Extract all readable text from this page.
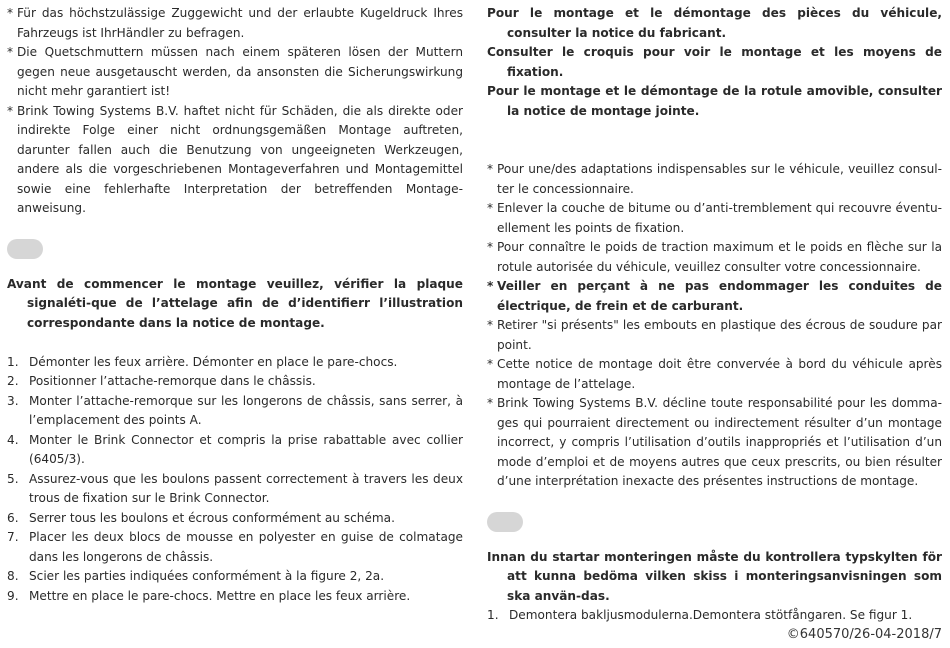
* Für das höchstzulässige Zuggewicht und der erlaubte Kugeldruck Ihres Fahrzeugs ist IhrHändler zu befragen.
* Die Quetschmuttern müssen nach einem späteren lösen der Muttern gegen neue ausgetauscht werden, da ansonsten die Sicherungswirkung nicht mehr garantiert ist!
* Brink Towing Systems B.V. haftet nicht für Schäden, die als direkte oder indirekte Folge einer nicht ordnungsgemäßen Montage auftreten, darunter fallen auch die Benutzung von ungeeigneten Werkzeugen, andere als die vorgeschriebenen Montageverfahren und Montagemittel sowie eine fehlerhafte Interpretation der betreffenden Montage-anweisung.
Avant de commencer le montage veuillez, vérifier la plaque signaléti-que de l’attelage afin de d’identifierr l’illustration correspondante dans la notice de montage.
1. Démonter les feux arrière. Démonter en place le pare-chocs.
2. Positionner l’attache-remorque dans le châssis.
3. Monter l’attache-remorque sur les longerons de châssis, sans serrer, à l’emplacement des points A.
4. Monter le Brink Connector et compris la prise rabattable avec collier (6405/3).
5. Assurez-vous que les boulons passent correctement à travers les deux trous de fixation sur le Brink Connector.
6. Serrer tous les boulons et écrous conformément au schéma.
7. Placer les deux blocs de mousse en polyester en guise de colmatage dans les longerons de châssis.
8. Scier les parties indiquées conformément à la figure 2, 2a.
9. Mettre en place le pare-chocs. Mettre en place les feux arrière.
Pour le montage et le démontage des pièces du véhicule, consulter la notice du fabricant.
Consulter le croquis pour voir le montage et les moyens de fixation.
Pour le montage et le démontage de la rotule amovible, consulter la notice de montage jointe.
* Pour une/des adaptations indispensables sur le véhicule, veuillez consul-ter le concessionnaire.
* Enlever la couche de bitume ou d’anti-tremblement qui recouvre éventu-ellement les points de fixation.
* Pour connaître le poids de traction maximum et le poids en flèche sur la rotule autorisée du véhicule, veuillez consulter votre concessionnaire.
* Veiller en perçant à ne pas endommager les conduites de électrique, de frein et de carburant.
* Retirer "si présents" les embouts en plastique des écrous de soudure par point.
* Cette notice de montage doit être convervée à bord du véhicule après montage de l’attelage.
* Brink Towing Systems B.V. décline toute responsabilité pour les domma-ges qui pourraient directement ou indirectement résulter d’un montage incorrect, y compris l’utilisation d’outils inappropriés et l’utilisation d’un mode d’emploi et de moyens autres que ceux prescrits, ou bien résulter d’une interprétation inexacte des présentes instructions de montage.
Innan du startar monteringen måste du kontrollera typskylten för att kunna bedöma vilken skiss i monteringsanvisningen som ska använ-das.
1. Demontera bakljusmodulerna.Demontera stötfångaren. Se figur 1.
©640570/26-04-2018/7
